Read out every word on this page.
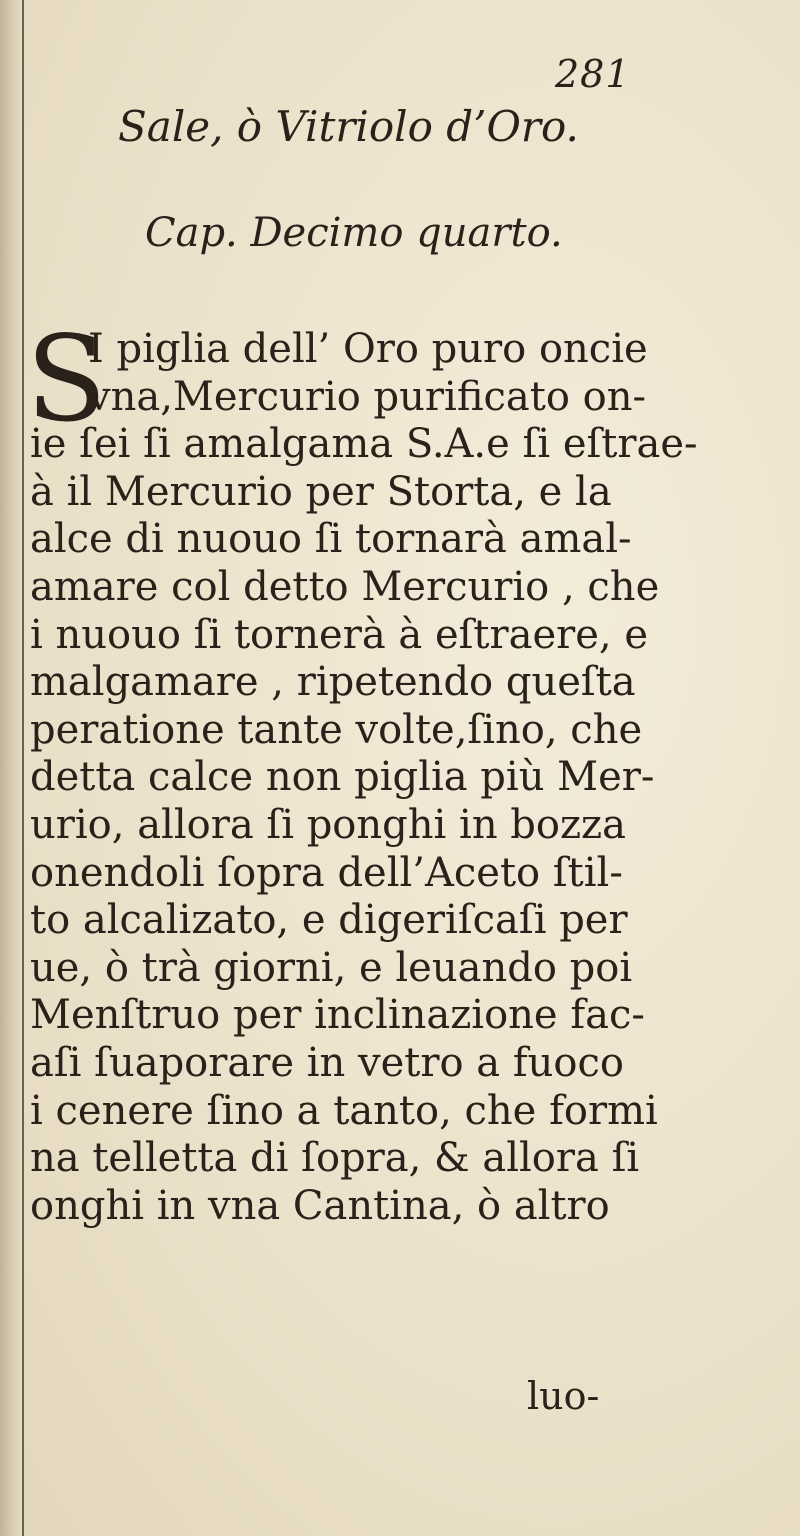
281
Sale, ò Vitriolo d’Oro.
Cap. Decimo quarto.
S
I piglia dell’ Oro puro oncie
vna,Mercurio purificato on-
ie ſei ſi amalgama S.A.e ſi eſtrae-
à il Mercurio per Storta, e la
alce di nuouo ſi tornarà amal-
amare col detto Mercurio , che
i nuouo ſi tornerà à eſtraere, e
malgamare , ripetendo queſta
peratione tante volte,ſino, che
detta calce non piglia più Mer-
urio, allora ſi ponghi in bozza
onendoli ſopra dell’Aceto ſtil-
to alcalizato, e digeriſcaſi per
ue, ò trà giorni, e leuando poi
Menſtruo per inclinazione fac-
aſi ſuaporare in vetro a fuoco
i cenere ſino a tanto, che formi
na telletta di ſopra, & allora ſi
onghi in vna Cantina, ò altro
luo-
